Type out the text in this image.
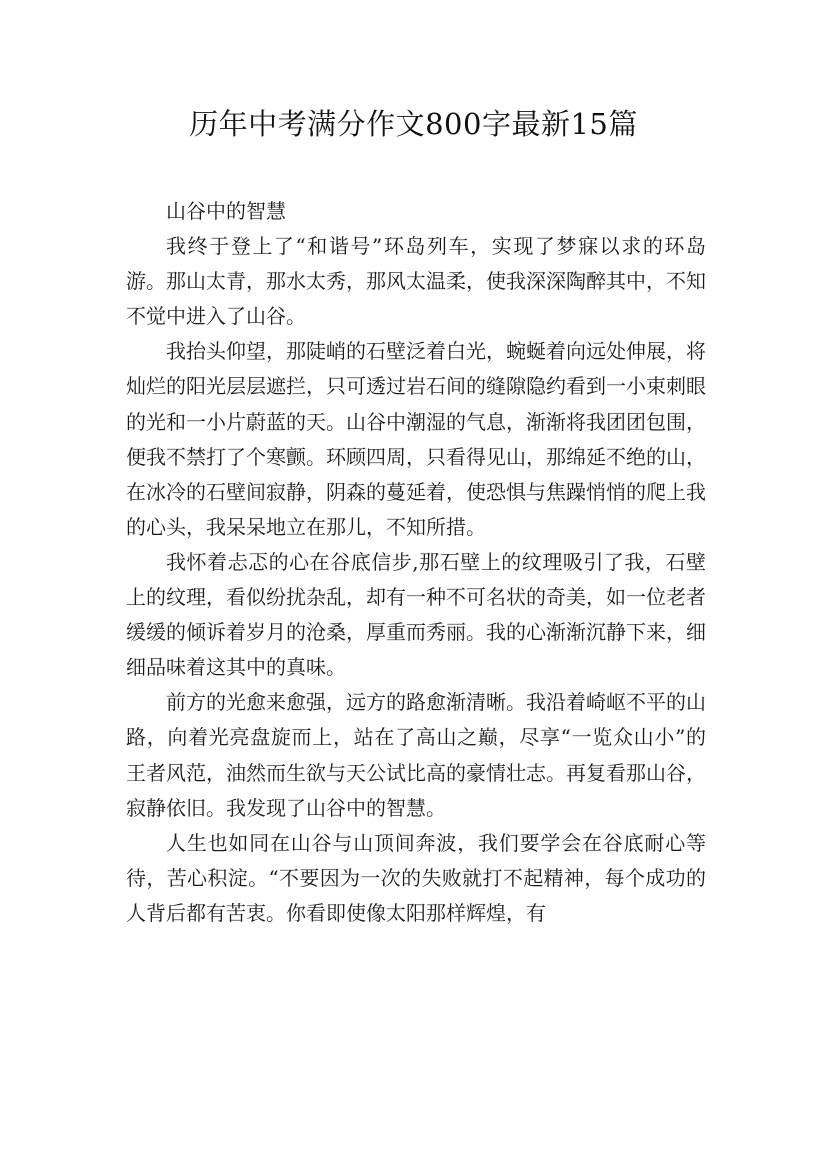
历年中考满分作文800字最新15篇

山谷中的智慧

我终于登上了“和谐号”环岛列车，实现了梦寐以求的环岛游。那山太青，那水太秀，那风太温柔，使我深深陶醉其中，不知不觉中进入了山谷。

我抬头仰望，那陡峭的石壁泛着白光，蜿蜒着向远处伸展，将灿烂的阳光层层遮拦，只可透过岩石间的缝隙隐约看到一小束刺眼的光和一小片蔚蓝的天。山谷中潮湿的气息，渐渐将我团团包围，便我不禁打了个寒颤。环顾四周，只看得见山，那绵延不绝的山，在冰冷的石壁间寂静，阴森的蔓延着，使恐惧与焦躁悄悄的爬上我的心头，我呆呆地立在那儿，不知所措。

我怀着忐忑的心在谷底信步,那石壁上的纹理吸引了我，石壁上的纹理，看似纷扰杂乱，却有一种不可名状的奇美，如一位老者缓缓的倾诉着岁月的沧桑，厚重而秀丽。我的心渐渐沉静下来，细细品味着这其中的真味。

前方的光愈来愈强，远方的路愈渐清晰。我沿着崎岖不平的山路，向着光亮盘旋而上，站在了高山之巅，尽享“一览众山小”的王者风范，油然而生欲与天公试比高的豪情壮志。再复看那山谷，寂静依旧。我发现了山谷中的智慧。

人生也如同在山谷与山顶间奔波，我们要学会在谷底耐心等待，苦心积淀。“不要因为一次的失败就打不起精神，每个成功的人背后都有苦衷。你看即使像太阳那样辉煌，有
